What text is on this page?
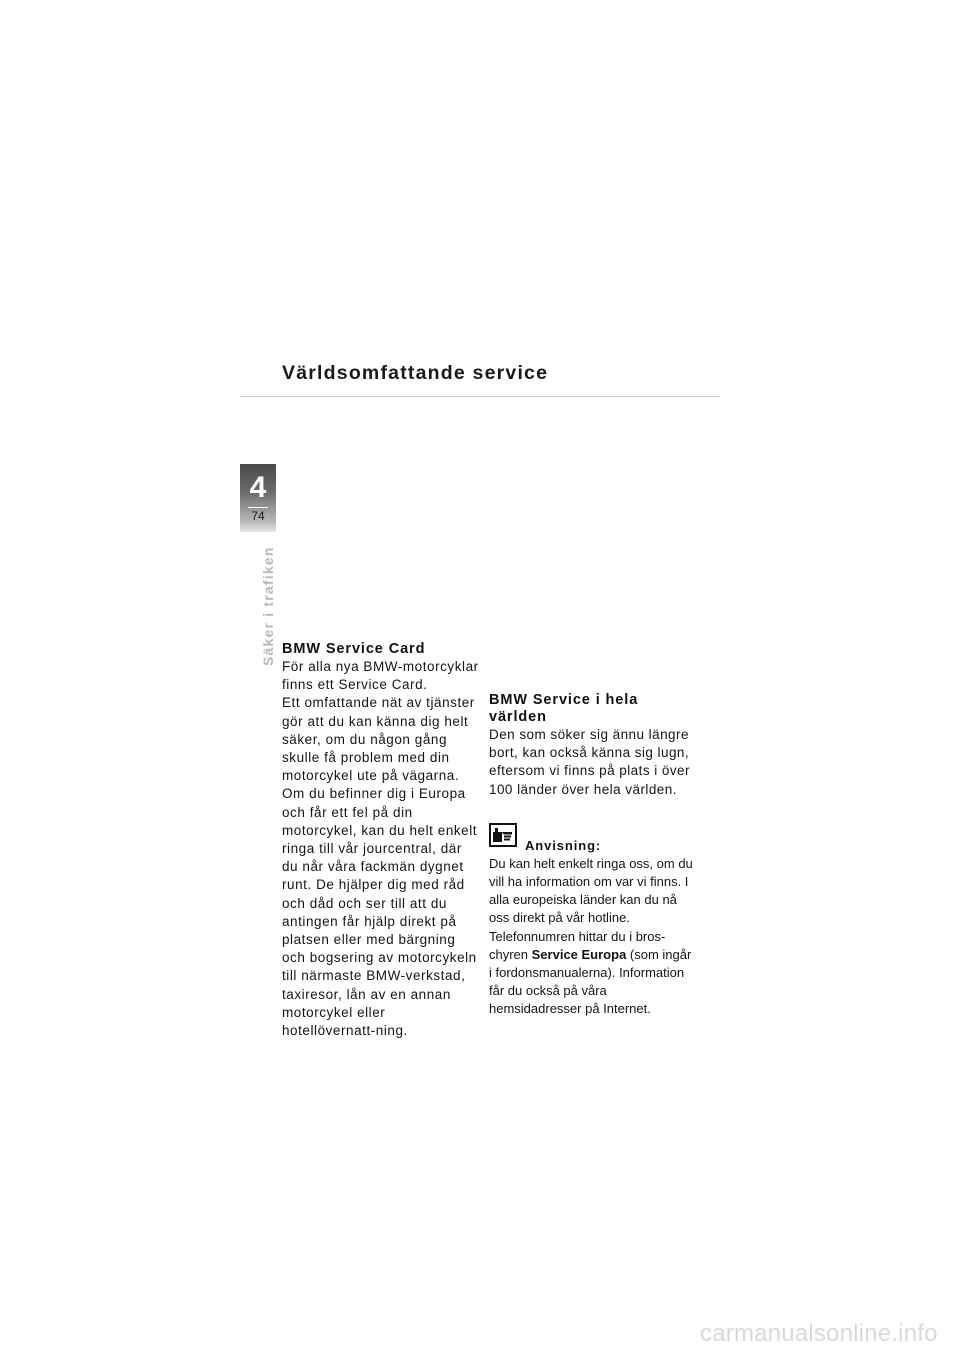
Världsomfattande service
4
74
Säker i trafiken BMW Service Card

För alla nya BMW-motorcyklar finns ett Service Card.

Ett omfattande nät av tjänster gör att du kan känna dig helt säker, om du någon gång skulle få problem med din motorcykel ute på vägarna.

Om du befinner dig i Europa och får ett fel på din motorcykel, kan du helt enkelt ringa till vår jourcentral, där du når våra fackmän dygnet runt. De hjälper dig med råd och dåd och ser till att du antingen får hjälp direkt på platsen eller med bärgning och bogsering av motorcykeln till närmaste BMW-verkstad, taxiresor, lån av en annan motorcykel eller hotellövernatt-ning.

BMW Service i hela världen

Den som söker sig ännu längre bort, kan också känna sig lugn, eftersom vi finns på plats i över 100 länder över hela världen.

Anvisning:

Du kan helt enkelt ringa oss, om du vill ha information om var vi finns. I alla europeiska länder kan du nå oss direkt på vår hotline. Telefonnumren hittar du i bros-chyren Service Europa (som ingår i fordonsmanualerna). Information får du också på våra hemsidadresser på Internet.

carmanualsonline.info
